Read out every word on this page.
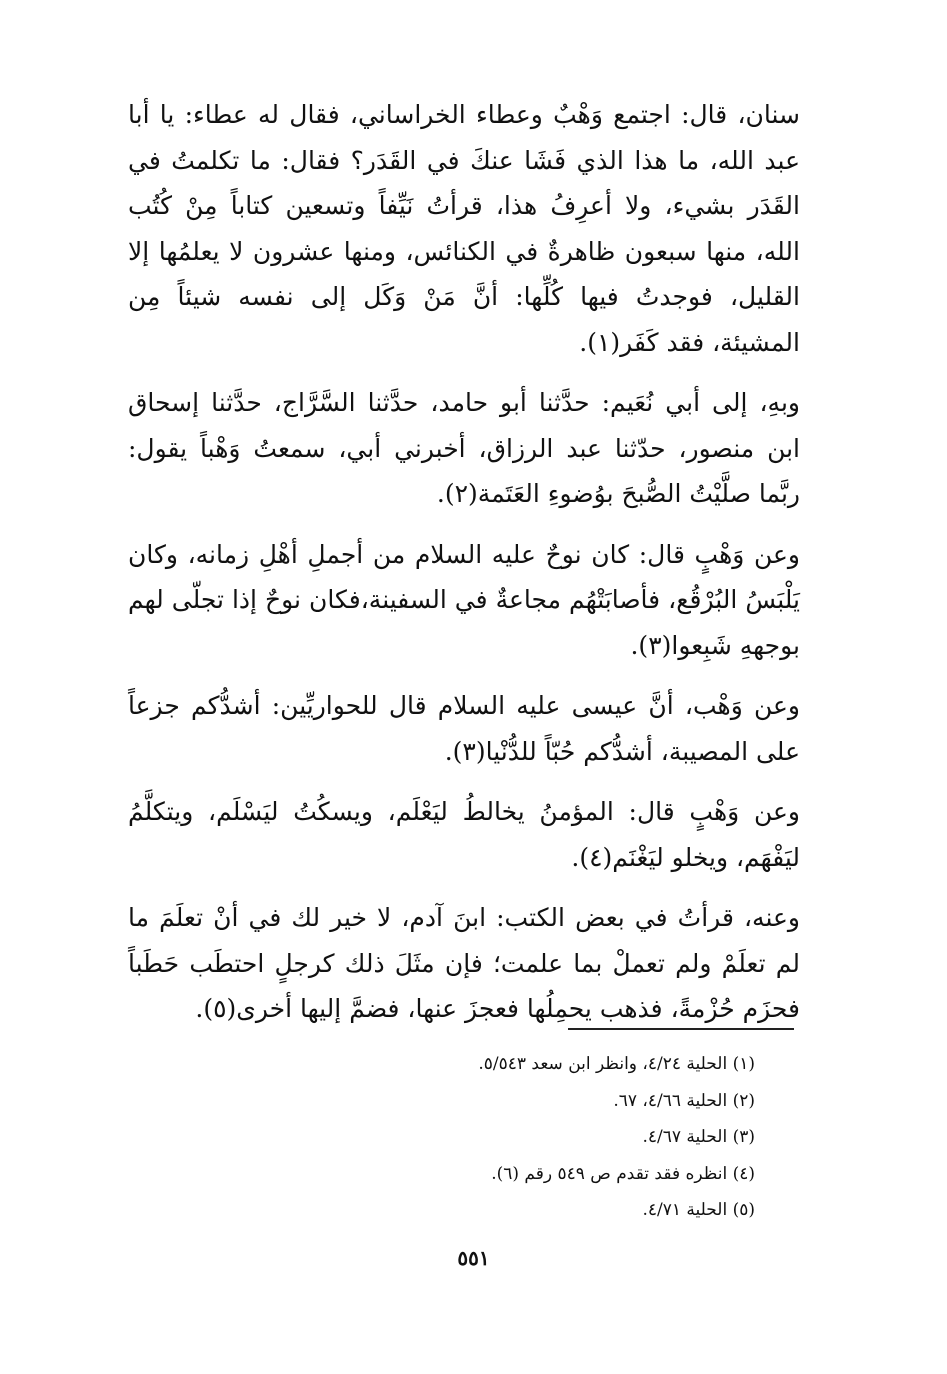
سنان، قال: اجتمع وَهْبٌ وعطاء الخراساني، فقال له عطاء: يا أبا عبد الله، ما هذا الذي فَشَا عنكَ في القَدَر؟ فقال: ما تكلمتُ في القَدَر بشيء، ولا أعرِفُ هذا، قرأتُ نَيِّفاً وتسعين كتاباً مِنْ كُتُب الله، منها سبعون ظاهرةٌ في الكنائس، ومنها عشرون لا يعلمُها إلا القليل، فوجدتُ فيها كُلِّها: أنَّ مَنْ وَكَل إلى نفسه شيئاً مِن المشيئة، فقد كَفَر(١).

وبهِ، إلى أبي نُعَيم: حدَّثنا أبو حامد، حدَّثنا السَّرَّاج، حدَّثنا إسحاق ابن منصور، حدّثنا عبد الرزاق، أخبرني أبي، سمعتُ وَهْباً يقول: ربَّما صلَّيْتُ الصُّبحَ بوُضوءِ العَتَمة(٢).

وعن وَهْبٍ قال: كان نوحٌ عليه السلام من أجملِ أهْلِ زمانه، وكان يَلْبَسُ البُرْقُع، فأصابَتْهُم مجاعةٌ في السفينة،فكان نوحٌ إذا تجلّى لهم بوجههِ شَبِعوا(٣).

وعن وَهْب، أنَّ عيسى عليه السلام قال للحواريِّين: أشدُّكم جزعاً على المصيبة، أشدُّكم حُبّاً للدُّنْيا(٣).

وعن وَهْبٍ قال: المؤمنُ يخالطُ ليَعْلَم، ويسكُتُ ليَسْلَم، ويتكلَّمُ ليَفْهَم، ويخلو ليَغْنَم(٤).

وعنه، قرأتُ في بعض الكتب: ابنَ آدم، لا خير لك في أنْ تعلَمَ ما لم تعلَمْ ولم تعملْ بما علمت؛ فإن مثَلَ ذلك كرجلٍ احتطَب حَطَباً فحزَم حُزْمةً، فذهب يحمِلُها فعجزَ عنها، فضمَّ إليها أخرى(٥).

(١) الحلية ٤/٢٤، وانظر ابن سعد ٥/٥٤٣.
(٢) الحلية ٤/٦٦، ٦٧.
(٣) الحلية ٤/٦٧.
(٤) انظره فقد تقدم ص ٥٤٩ رقم (٦).
(٥) الحلية ٤/٧١.
٥٥١
